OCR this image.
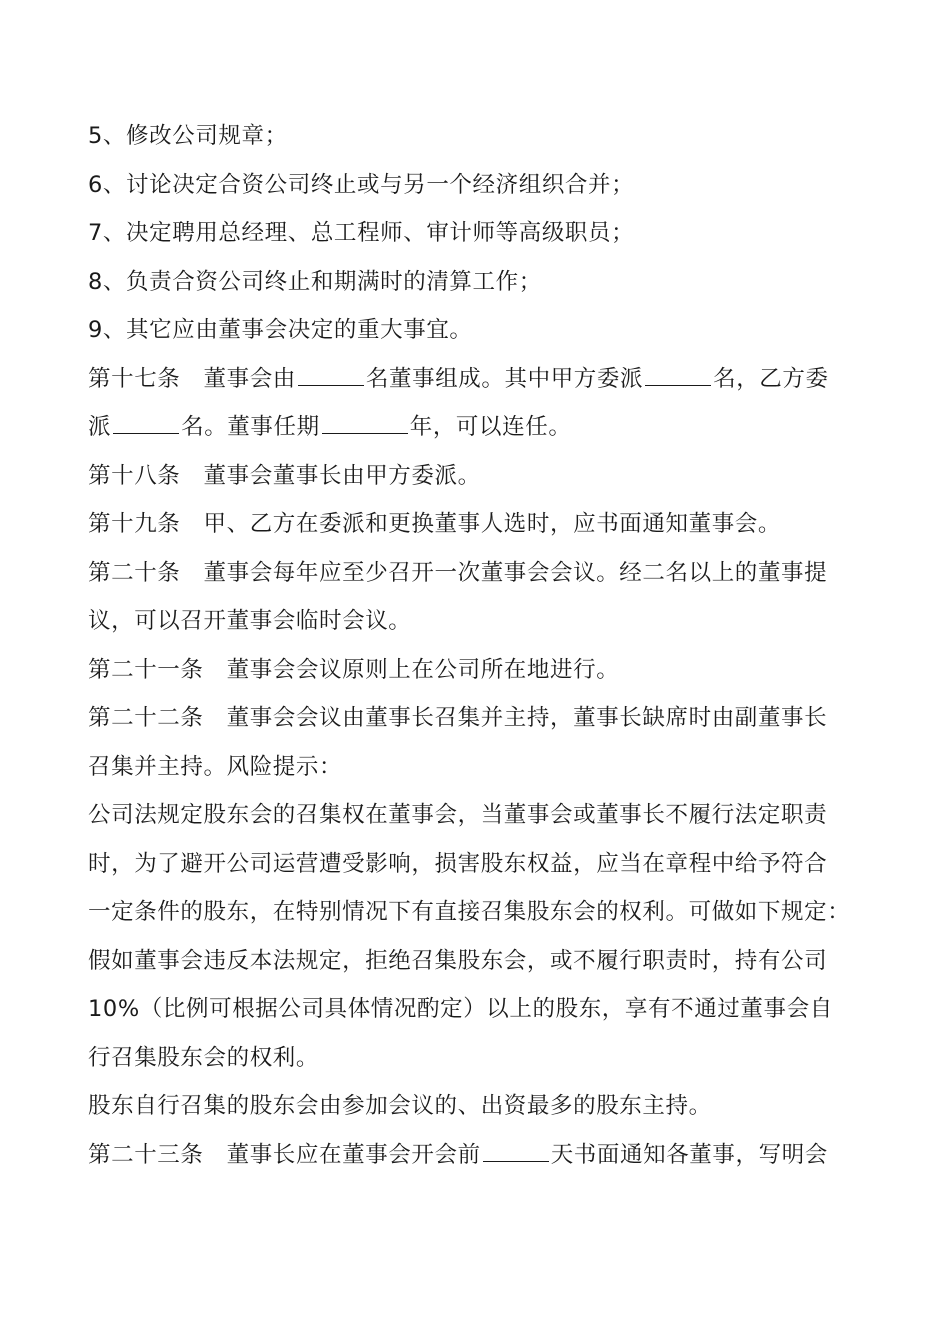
5、修改公司规章；

6、讨论决定合资公司终止或与另一个经济组织合并；

7、决定聘用总经理、总工程师、审计师等高级职员；

8、负责合资公司终止和期满时的清算工作；

9、其它应由董事会决定的重大事宜。

第十七条　董事会由	名董事组成。其中甲方委派	名，乙方委

派	名。董事任期	年，可以连任。

第十八条　董事会董事长由甲方委派。

第十九条　甲、乙方在委派和更换董事人选时，应书面通知董事会。

第二十条　董事会每年应至少召开一次董事会会议。经二名以上的董事提

议，可以召开董事会临时会议。

第二十一条　董事会会议原则上在公司所在地进行。

第二十二条　董事会会议由董事长召集并主持，董事长缺席时由副董事长

召集并主持。风险提示：

公司法规定股东会的召集权在董事会，当董事会或董事长不履行法定职责

时，为了避开公司运营遭受影响，损害股东权益，应当在章程中给予符合

一定条件的股东，在特别情况下有直接召集股东会的权利。可做如下规定：

假如董事会违反本法规定，拒绝召集股东会，或不履行职责时，持有公司

10%（比例可根据公司具体情况酌定）以上的股东，享有不通过董事会自

行召集股东会的权利。

股东自行召集的股东会由参加会议的、出资最多的股东主持。

第二十三条　董事长应在董事会开会前	天书面通知各董事，写明会
